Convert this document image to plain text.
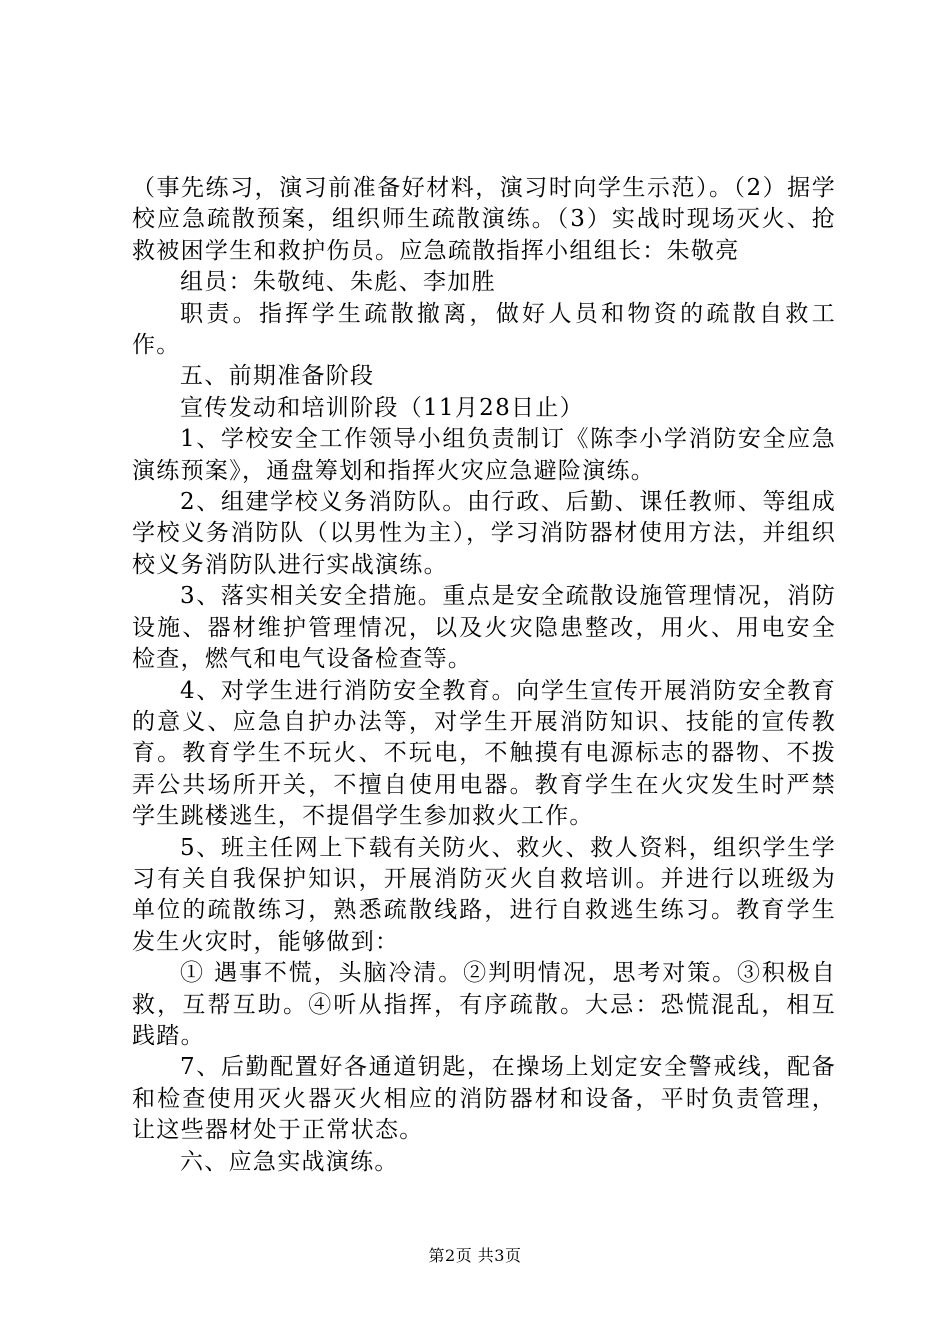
（事先练习，演习前准备好材料，演习时向学生示范）。（2）据学校应急疏散预案，组织师生疏散演练。（3）实战时现场灭火、抢救被困学生和救护伤员。应急疏散指挥小组组长：朱敬亮

组员：朱敬纯、朱彪、李加胜

职责。指挥学生疏散撤离，做好人员和物资的疏散自救工作。

五、前期准备阶段

宣传发动和培训阶段（11月28日止）

1、学校安全工作领导小组负责制订《陈李小学消防安全应急演练预案》，通盘筹划和指挥火灾应急避险演练。

2、组建学校义务消防队。由行政、后勤、课任教师、等组成学校义务消防队（以男性为主），学习消防器材使用方法，并组织校义务消防队进行实战演练。

3、落实相关安全措施。重点是安全疏散设施管理情况，消防设施、器材维护管理情况，以及火灾隐患整改，用火、用电安全检查，燃气和电气设备检查等。

4、对学生进行消防安全教育。向学生宣传开展消防安全教育的意义、应急自护办法等，对学生开展消防知识、技能的宣传教育。教育学生不玩火、不玩电，不触摸有电源标志的器物、不拨弄公共场所开关，不擅自使用电器。教育学生在火灾发生时严禁学生跳楼逃生，不提倡学生参加救火工作。

5、班主任网上下载有关防火、救火、救人资料，组织学生学习有关自我保护知识，开展消防灭火自救培训。并进行以班级为单位的疏散练习，熟悉疏散线路，进行自救逃生练习。教育学生发生火灾时，能够做到：

① 遇事不慌，头脑冷清。②判明情况，思考对策。③积极自救，互帮互助。④听从指挥，有序疏散。大忌：恐慌混乱，相互践踏。

7、后勤配置好各通道钥匙，在操场上划定安全警戒线，配备和检查使用灭火器灭火相应的消防器材和设备，平时负责管理，让这些器材处于正常状态。

六、应急实战演练。

第2页 共3页
